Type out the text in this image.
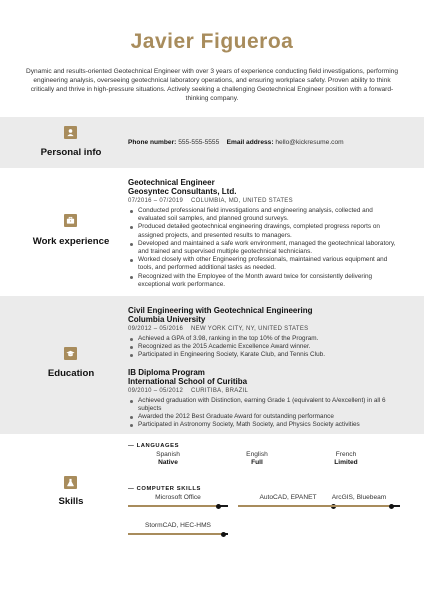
Javier Figueroa
Dynamic and results-oriented Geotechnical Engineer with over 3 years of experience conducting field investigations, performing engineering analysis, overseeing geotechnical laboratory operations, and ensuring workplace safety. Proven ability to think critically and thrive in high-pressure situations. Actively seeking a challenging Geotechnical Engineer position with a forward-thinking company.
Personal info
Phone number: 555-555-5555 Email address: hello@kickresume.com
Work experience
Geotechnical Engineer
Geosyntec Consultants, Ltd.
07/2016 – 07/2019 COLUMBIA, MD, UNITED STATES
Conducted professional field investigations and engineering analysis, collected and evaluated soil samples, and planned ground surveys.
Produced detailed geotechnical engineering drawings, completed progress reports on assigned projects, and presented results to managers.
Developed and maintained a safe work environment, managed the geotechnical laboratory, and trained and supervised multiple geotechnical technicians.
Worked closely with other Engineering professionals, maintained various equipment and tools, and performed additional tasks as needed.
Recognized with the Employee of the Month award twice for consistently delivering exceptional work performance.
Education
Civil Engineering with Geotechnical Engineering
Columbia University
09/2012 – 05/2016 NEW YORK CITY, NY, UNITED STATES
Achieved a GPA of 3.98, ranking in the top 10% of the Program.
Recognized as the 2015 Academic Excellence Award winner.
Participated in Engineering Society, Karate Club, and Tennis Club.
IB Diploma Program
International School of Curitiba
09/2010 – 05/2012 CURITIBA, BRAZIL
Achieved graduation with Distinction, earning Grade 1 (equivalent to A/excellent) in all 6 subjects
Awarded the 2012 Best Graduate Award for outstanding performance
Participated in Astronomy Society, Math Society, and Physics Society activities
Skills
— LANGUAGES
Spanish
Native
English
Full
French
Limited
— COMPUTER SKILLS
Microsoft Office	AutoCAD, EPANET	ArcGIS, Bluebeam
StormCAD, HEC-HMS
